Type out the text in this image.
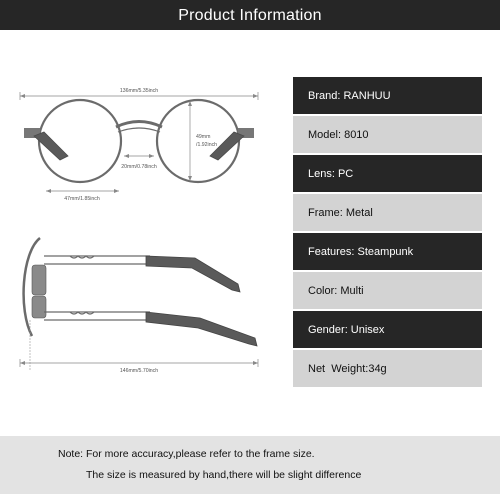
Product Information
136mm/5.35inch
49mm
/1.92inch
20mm/0.78inch
47mm/1.85inch
146mm/5.70inch
Brand: RANHUU
Model: 8010
Lens: PC
Frame: Metal
Features: Steampunk
Color: Multi
Gender: Unisex
Net  Weight:34g
Note: For more accuracy,please refer to the frame size.
The size is measured by hand,there will be slight difference
